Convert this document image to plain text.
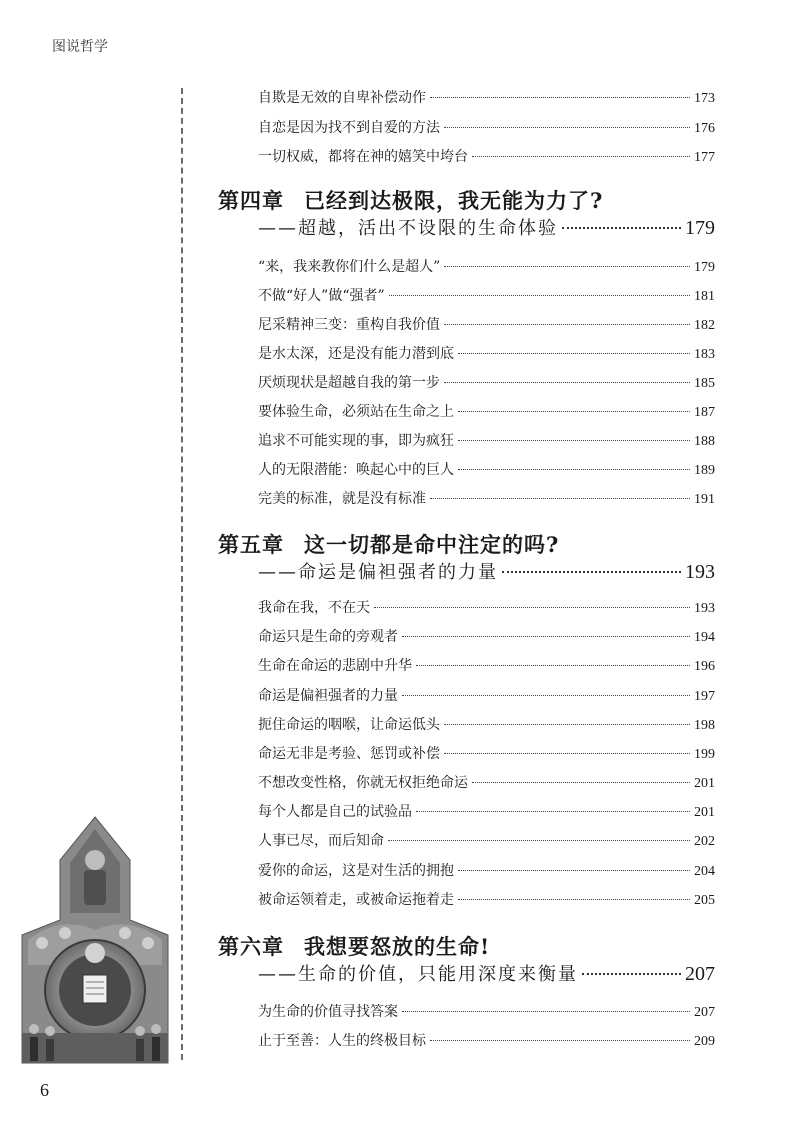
图说哲学
自欺是无效的自卑补偿动作	173
自恋是因为找不到自爱的方法	176
一切权威，都将在神的嬉笑中垮台	177
第四章 已经到达极限，我无能为力了?
——超越，活出不设限的生命体验	179
“来，我来教你们什么是超人”	179
不做“好人”做“强者”	181
尼采精神三变：重构自我价值	182
是水太深，还是没有能力潜到底	183
厌烦现状是超越自我的第一步	185
要体验生命，必须站在生命之上	187
追求不可能实现的事，即为疯狂	188
人的无限潜能：唤起心中的巨人	189
完美的标准，就是没有标准	191
第五章 这一切都是命中注定的吗?
——命运是偏袒强者的力量	193
我命在我，不在天	193
命运只是生命的旁观者	194
生命在命运的悲剧中升华	196
命运是偏袒强者的力量	197
扼住命运的咽喉，让命运低头	198
命运无非是考验、惩罚或补偿	199
不想改变性格，你就无权拒绝命运	201
每个人都是自己的试验品	201
人事已尽，而后知命	202
爱你的命运，这是对生活的拥抱	204
被命运领着走，或被命运拖着走	205
第六章 我想要怒放的生命!
——生命的价值，只能用深度来衡量	207
为生命的价值寻找答案	207
止于至善：人生的终极目标	209
6
